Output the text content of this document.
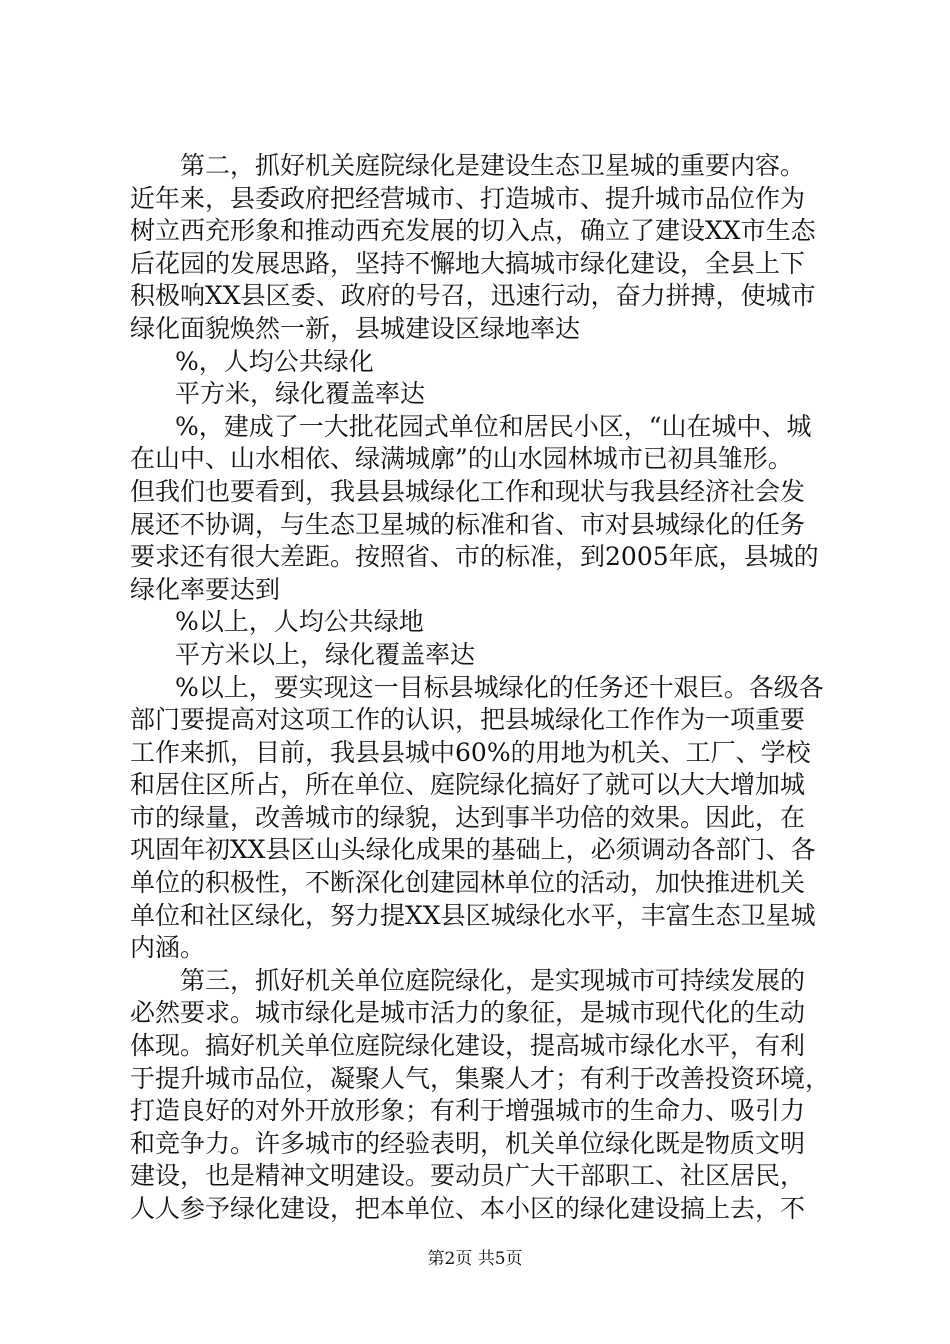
第二，抓好机关庭院绿化是建设生态卫星城的重要内容。
近年来，县委政府把经营城市、打造城市、提升城市品位作为
树立西充形象和推动西充发展的切入点，确立了建设XX市生态
后花园的发展思路，坚持不懈地大搞城市绿化建设，全县上下
积极响XX县区委、政府的号召，迅速行动，奋力拼搏，使城市
绿化面貌焕然一新，县城建设区绿地率达
%，人均公共绿化
平方米，绿化覆盖率达
%，建成了一大批花园式单位和居民小区，“山在城中、城
在山中、山水相依、绿满城廓”的山水园林城市已初具雏形。
但我们也要看到，我县县城绿化工作和现状与我县经济社会发
展还不协调，与生态卫星城的标准和省、市对县城绿化的任务
要求还有很大差距。按照省、市的标准，到2005年底，县城的
绿化率要达到
%以上，人均公共绿地
平方米以上，绿化覆盖率达
%以上，要实现这一目标县城绿化的任务还十艰巨。各级各
部门要提高对这项工作的认识，把县城绿化工作作为一项重要
工作来抓，目前，我县县城中60%的用地为机关、工厂、学校
和居住区所占，所在单位、庭院绿化搞好了就可以大大增加城
市的绿量，改善城市的绿貌，达到事半功倍的效果。因此，在
巩固年初XX县区山头绿化成果的基础上，必须调动各部门、各
单位的积极性，不断深化创建园林单位的活动，加快推进机关
单位和社区绿化，努力提XX县区城绿化水平，丰富生态卫星城
内涵。
第三，抓好机关单位庭院绿化，是实现城市可持续发展的
必然要求。城市绿化是城市活力的象征，是城市现代化的生动
体现。搞好机关单位庭院绿化建设，提高城市绿化水平，有利
于提升城市品位，凝聚人气，集聚人才；有利于改善投资环境，
打造良好的对外开放形象；有利于增强城市的生命力、吸引力
和竞争力。许多城市的经验表明，机关单位绿化既是物质文明
建设，也是精神文明建设。要动员广大干部职工、社区居民，
人人参予绿化建设，把本单位、本小区的绿化建设搞上去，不
第2页 共5页
